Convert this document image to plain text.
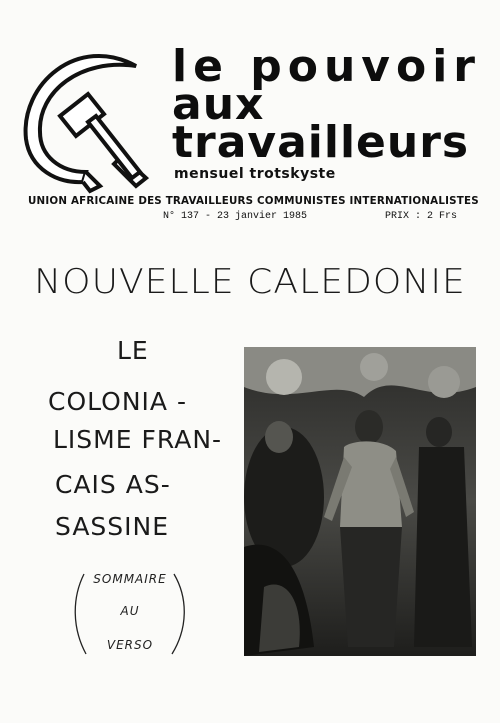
le pouvoir
aux
travailleurs
mensuel trotskyste
UNION AFRICAINE DES TRAVAILLEURS COMMUNISTES INTERNATIONALISTES
N° 137 - 23 janvier 1985	PRIX : 2 Frs
NOUVELLE CALEDONIE
LE
COLONIA -
LISME FRAN-
CAIS AS-
SASSINE
SOMMAIRE
AU
VERSO
